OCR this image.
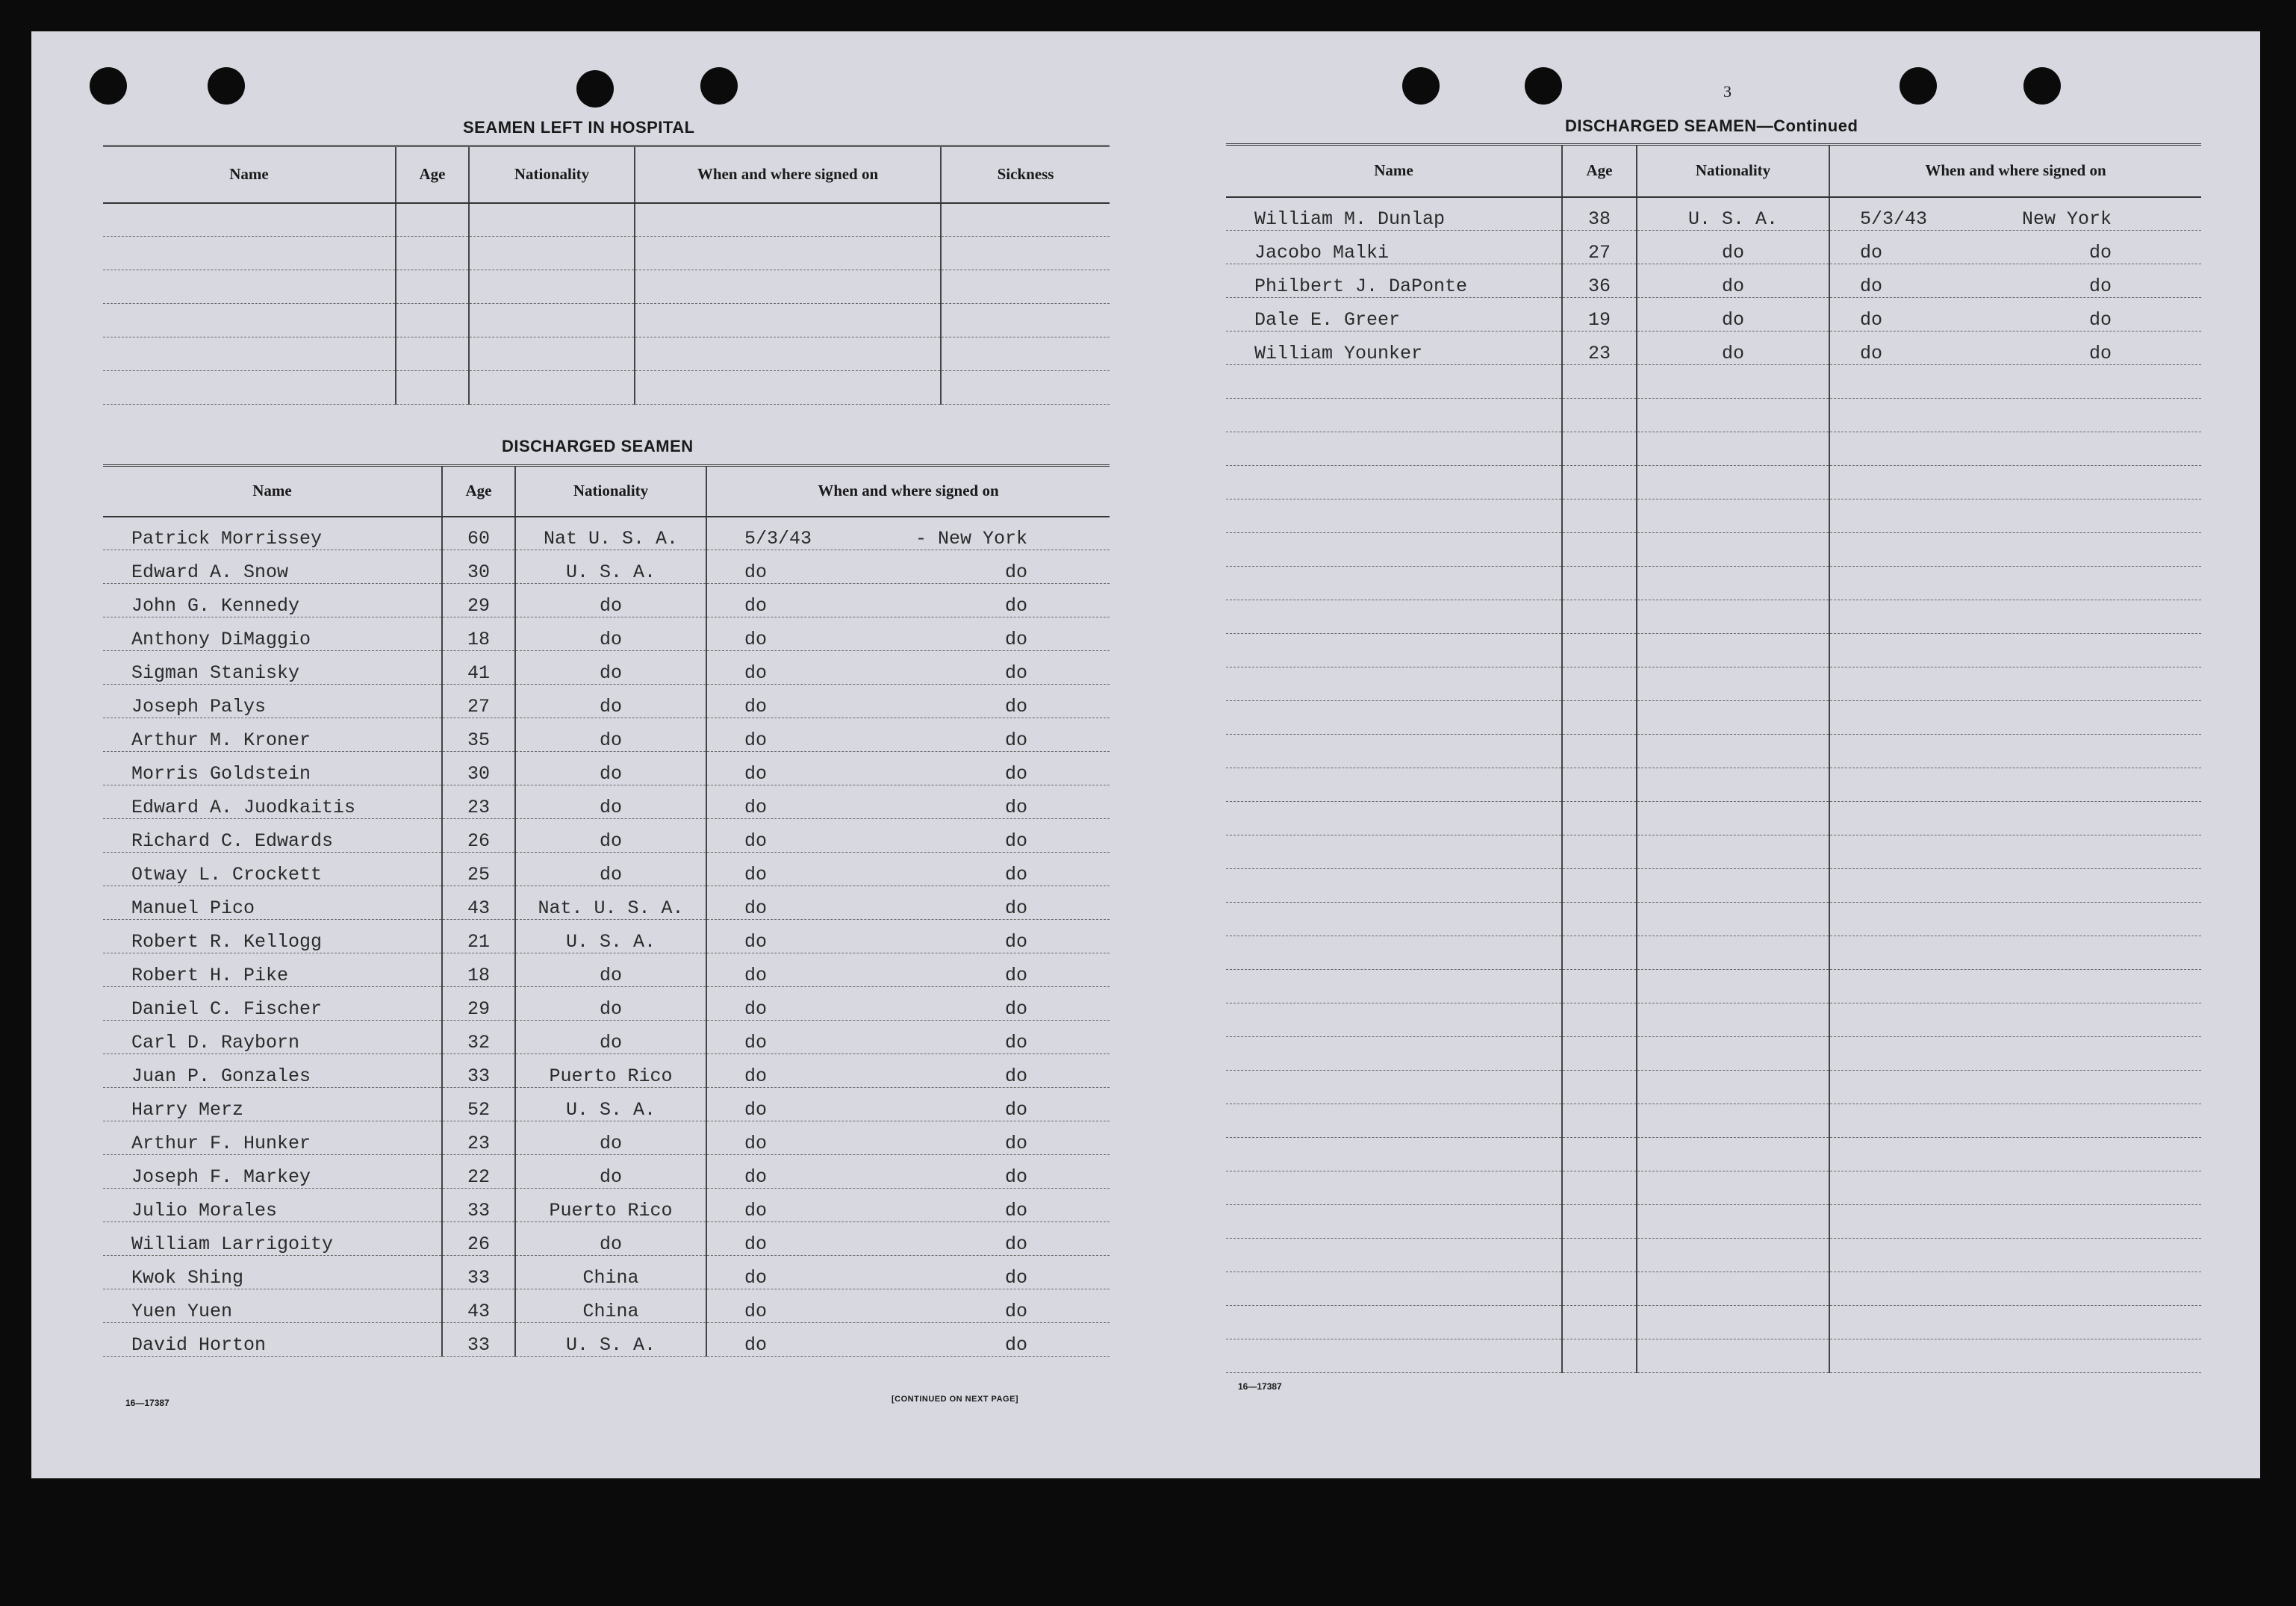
SEAMEN LEFT IN HOSPITAL
Name	Age	Nationality	When and where signed on	Sickness

DISCHARGED SEAMEN
Name	Age	Nationality	When and where signed on
Patrick Morrissey	60	Nat U. S. A.	5/3/43 - New York

Edward A. Snow	30	U. S. A.	do do

John G. Kennedy	29	do	do do

Anthony DiMaggio	18	do	do do

Sigman Stanisky	41	do	do do

Joseph Palys	27	do	do do

Arthur M. Kroner	35	do	do do

Morris Goldstein	30	do	do do

Edward A. Juodkaitis	23	do	do do

Richard C. Edwards	26	do	do do

Otway L. Crockett	25	do	do do

Manuel Pico	43	Nat. U. S. A.	do do

Robert R. Kellogg	21	U. S. A.	do do

Robert H. Pike	18	do	do do

Daniel C. Fischer	29	do	do do

Carl D. Rayborn	32	do	do do

Juan P. Gonzales	33	Puerto Rico	do do

Harry Merz	52	U. S. A.	do do

Arthur F. Hunker	23	do	do do

Joseph F. Markey	22	do	do do

Julio Morales	33	Puerto Rico	do do

William Larrigoity	26	do	do do

Kwok Shing	33	China	do do

Yuen Yuen	43	China	do do

David Horton	33	U. S. A.	do do
16—17387	[CONTINUED ON NEXT PAGE]
3
DISCHARGED SEAMEN—Continued
Name	Age	Nationality	When and where signed on
William M. Dunlap	38	U. S. A.	5/3/43 New York

Jacobo Malki	27	do	do do

Philbert J. DaPonte	36	do	do do

Dale E. Greer	19	do	do do

William Younker	23	do	do do

16—17387
